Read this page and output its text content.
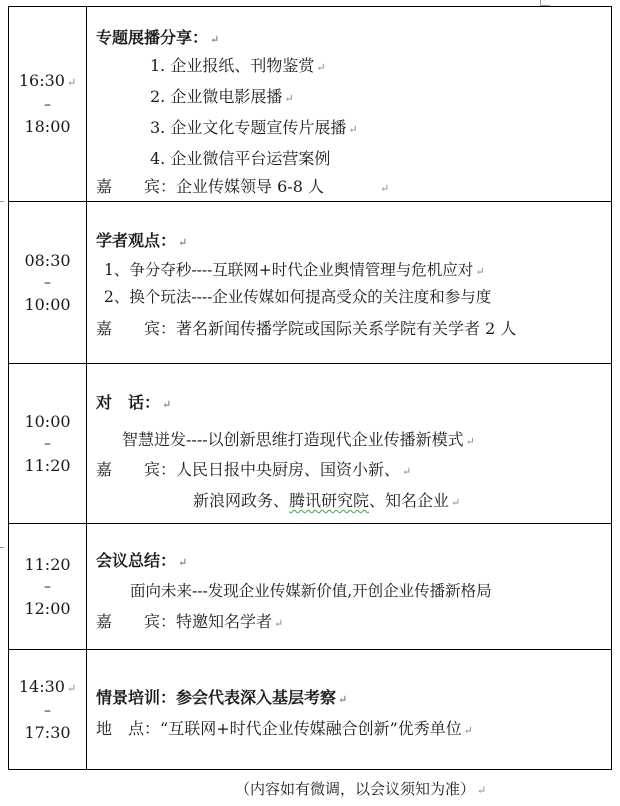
16:30 ↵
–
18:00
专题展播分享： ↵
1. 企业报纸、刊物鉴赏 ↵
2. 企业微电影展播 ↵
3. 企业文化专题宣传片展播 ↵
4. 企业微信平台运营案例
嘉　　宾：企业传媒领导 6-8 人	↵
08:30
–
10:00
学者观点： ↵
1、争分夺秒----互联网+时代企业舆情管理与危机应对 ↵
2、换个玩法----企业传媒如何提高受众的关注度和参与度
嘉　　宾：著名新闻传播学院或国际关系学院有关学者 2 人
10:00
–
11:20
对　话： ↵
智慧迸发----以创新思维打造现代企业传播新模式 ↵
嘉　　宾：人民日报中央厨房、国资小新、 ↵
新浪网政务、腾讯研究院、知名企业 ↵
11:20
–
12:00
会议总结： ↵
面向未来---发现企业传媒新价值,开创企业传播新格局
嘉　　宾：特邀知名学者 ↵
14:30 ↵
–
17:30
情景培训：参会代表深入基层考察 ↵
地　点：“互联网+时代企业传媒融合创新”优秀单位 ↵
（内容如有微调，以会议须知为准） ↵
